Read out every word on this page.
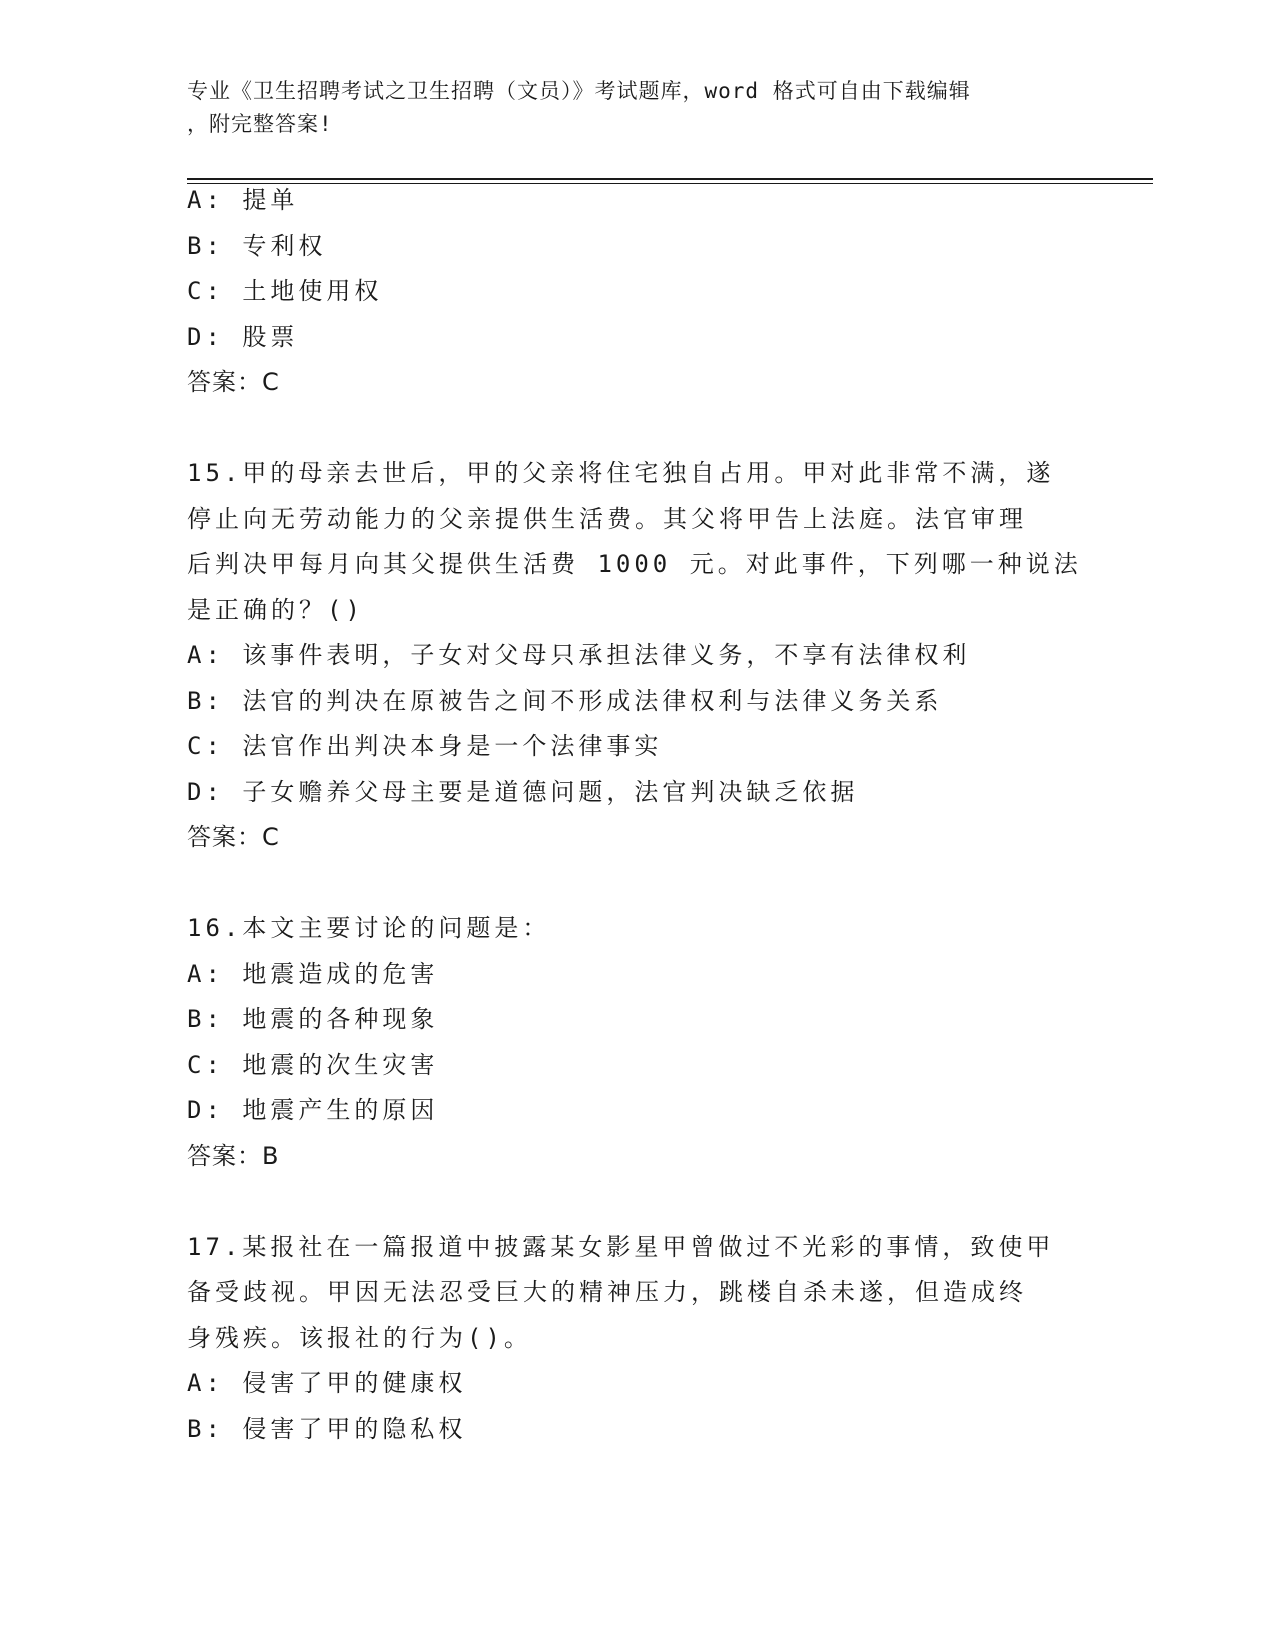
专业《卫生招聘考试之卫生招聘（文员）》考试题库，word 格式可自由下载编辑
，附完整答案!
A: 提单
B: 专利权
C: 土地使用权
D: 股票
答案：C
15.甲的母亲去世后，甲的父亲将住宅独自占用。甲对此非常不满，遂
停止向无劳动能力的父亲提供生活费。其父将甲告上法庭。法官审理
后判决甲每月向其父提供生活费 1000 元。对此事件，下列哪一种说法
是正确的？()
A: 该事件表明，子女对父母只承担法律义务，不享有法律权利
B: 法官的判决在原被告之间不形成法律权利与法律义务关系
C: 法官作出判决本身是一个法律事实
D: 子女赡养父母主要是道德问题，法官判决缺乏依据
答案：C
16.本文主要讨论的问题是：
A: 地震造成的危害
B: 地震的各种现象
C: 地震的次生灾害
D: 地震产生的原因
答案：B
17.某报社在一篇报道中披露某女影星甲曾做过不光彩的事情，致使甲
备受歧视。甲因无法忍受巨大的精神压力，跳楼自杀未遂，但造成终
身残疾。该报社的行为()。
A: 侵害了甲的健康权
B: 侵害了甲的隐私权
